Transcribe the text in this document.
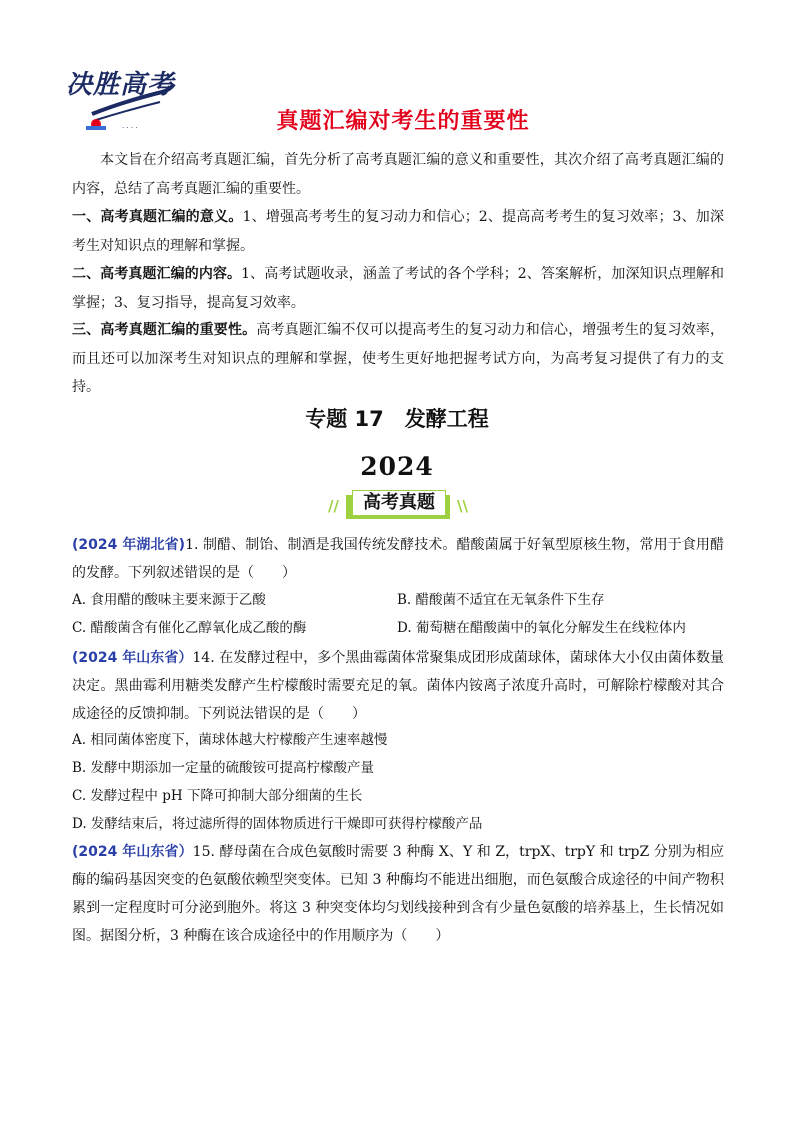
决胜高考
· · · ·	真题汇编对考生的重要性

本文旨在介绍高考真题汇编，首先分析了高考真题汇编的意义和重要性，其次介绍了高考真题汇编的内容，总结了高考真题汇编的重要性。

一、高考真题汇编的意义。1、增强高考考生的复习动力和信心；2、提高高考考生的复习效率；3、加深考生对知识点的理解和掌握。

二、高考真题汇编的内容。1、高考试题收录，涵盖了考试的各个学科；2、答案解析，加深知识点理解和掌握；3、复习指导，提高复习效率。

三、高考真题汇编的重要性。高考真题汇编不仅可以提高考生的复习动力和信心，增强考生的复习效率，而且还可以加深考生对知识点的理解和掌握，使考生更好地把握考试方向，为高考复习提供了有力的支持。

专题 17　发酵工程
2024
//	高考真题	\\

(2024 年湖北省)1. 制醋、制饴、制酒是我国传统发酵技术。醋酸菌属于好氧型原核生物，常用于食用醋的发酵。下列叙述错误的是（　　）

A. 食用醋的酸味主要来源于乙酸	B. 醋酸菌不适宜在无氧条件下生存
C. 醋酸菌含有催化乙醇氧化成乙酸的酶	D. 葡萄糖在醋酸菌中的氧化分解发生在线粒体内

(2024 年山东省）14. 在发酵过程中，多个黑曲霉菌体常聚集成团形成菌球体，菌球体大小仅由菌体数量决定。黑曲霉利用糖类发酵产生柠檬酸时需要充足的氧。菌体内铵离子浓度升高时，可解除柠檬酸对其合成途径的反馈抑制。下列说法错误的是（　　）

A. 相同菌体密度下，菌球体越大柠檬酸产生速率越慢
B. 发酵中期添加一定量的硫酸铵可提高柠檬酸产量
C. 发酵过程中 pH 下降可抑制大部分细菌的生长
D. 发酵结束后，将过滤所得的固体物质进行干燥即可获得柠檬酸产品

(2024 年山东省）15. 酵母菌在合成色氨酸时需要 3 种酶 X、Y 和 Z，trpX、trpY 和 trpZ 分别为相应酶的编码基因突变的色氨酸依赖型突变体。已知 3 种酶均不能进出细胞，而色氨酸合成途径的中间产物积累到一定程度时可分泌到胞外。将这 3 种突变体均匀划线接种到含有少量色氨酸的培养基上，生长情况如图。据图分析，3 种酶在该合成途径中的作用顺序为（　　）
